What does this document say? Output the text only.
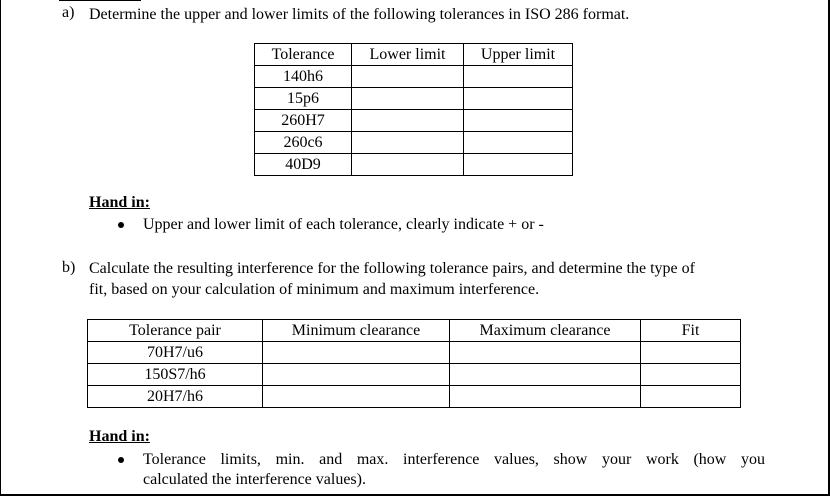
a) Determine the upper and lower limits of the following tolerances in ISO 286 format.
Tolerance	Lower limit	Upper limit
140h6		
15p6		
260H7		
260c6		
40D9		
Hand in:
Upper and lower limit of each tolerance, clearly indicate + or -
b) Calculate the resulting interference for the following tolerance pairs, and determine the type of
fit, based on your calculation of minimum and maximum interference.
Tolerance pair	Minimum clearance	Maximum clearance	Fit
70H7/u6			
150S7/h6			
20H7/h6			
Hand in:
Tolerance limits, min. and max. interference values, show your work (how you
calculated the interference values).
